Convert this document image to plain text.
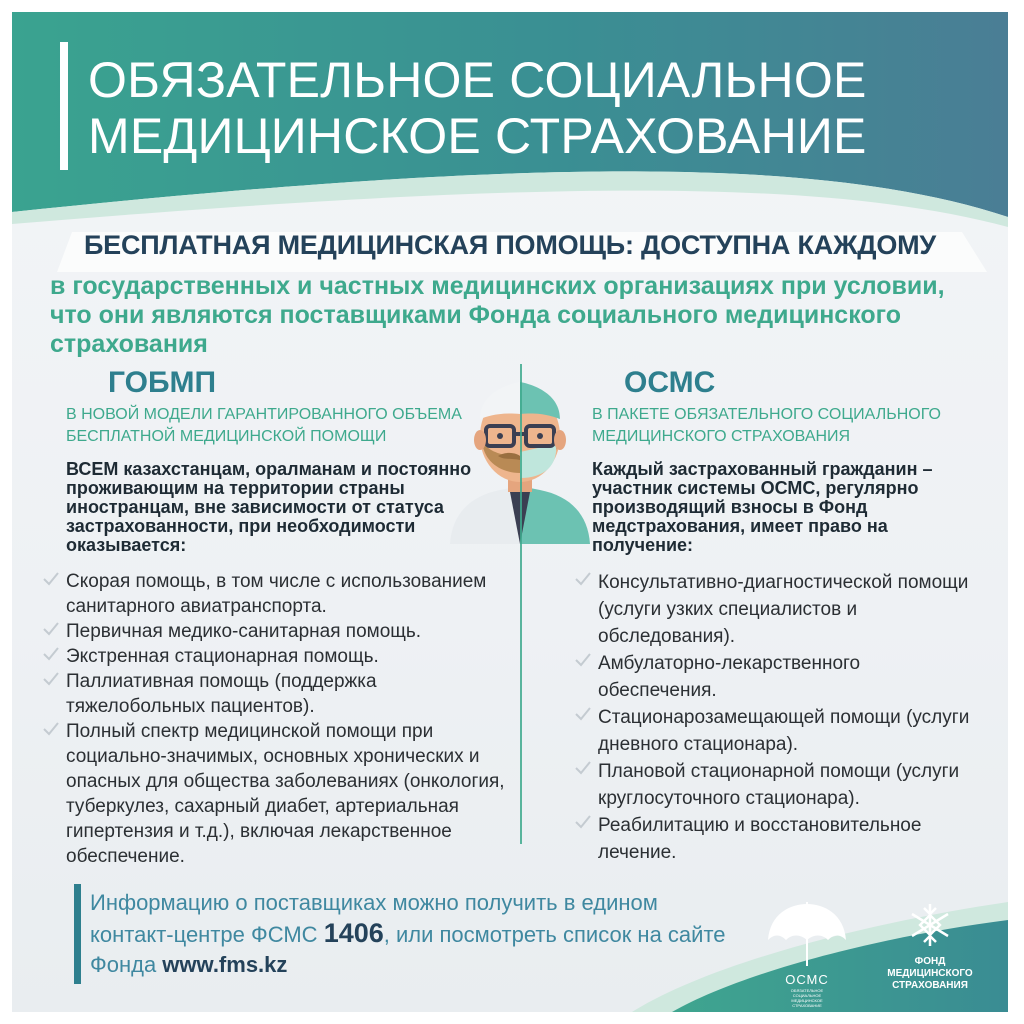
ОБЯЗАТЕЛЬНОЕ СОЦИАЛЬНОЕ
МЕДИЦИНСКОЕ СТРАХОВАНИЕ
БЕСПЛАТНАЯ МЕДИЦИНСКАЯ ПОМОЩЬ: ДОСТУПНА КАЖДОМУ
в государственных и частных медицинских организациях при условии, что они являются поставщиками Фонда социального медицинского страхования
ГОБМП
В НОВОЙ МОДЕЛИ ГАРАНТИРОВАННОГО ОБЪЕМА БЕСПЛАТНОЙ МЕДИЦИНСКОЙ ПОМОЩИ
ВСЕМ казахстанцам, оралманам и постоянно проживающим на территории страны иностранцам, вне зависимости от статуса застрахованности, при необходимости оказывается:
Скорая помощь, в том числе с использованием санитарного авиатранспорта.
Первичная медико-санитарная помощь.
Экстренная стационарная помощь.
Паллиативная помощь (поддержка тяжелобольных пациентов).
Полный спектр медицинской помощи при социально-значимых, основных хронических и опасных для общества заболеваниях (онкология, туберкулез, сахарный диабет, артериальная гипертензия и т.д.), включая лекарственное обеспечение.
ОСМС
В ПАКЕТЕ ОБЯЗАТЕЛЬНОГО СОЦИАЛЬНОГО МЕДИЦИНСКОГО СТРАХОВАНИЯ
Каждый застрахованный гражданин – участник системы ОСМС, регулярно производящий взносы в Фонд медстрахования, имеет право на получение:
Консультативно-диагностической помощи (услуги узких специалистов и обследования).
Амбулаторно-лекарственного обеспечения.
Стационарозамещающей помощи (услуги дневного стационара).
Плановой стационарной помощи (услуги круглосуточного стационара).
Реабилитацию и восстановительное лечение.
Информацию о поставщиках можно получить в едином контакт-центре ФСМС 1406, или посмотреть список на сайте Фонда www.fms.kz
ОСМС
ОБЯЗАТЕЛЬНОЕ СОЦИАЛЬНОЕ МЕДИЦИНСКОЕ СТРАХОВАНИЕ
ФОНД
МЕДИЦИНСКОГО
СТРАХОВАНИЯ
